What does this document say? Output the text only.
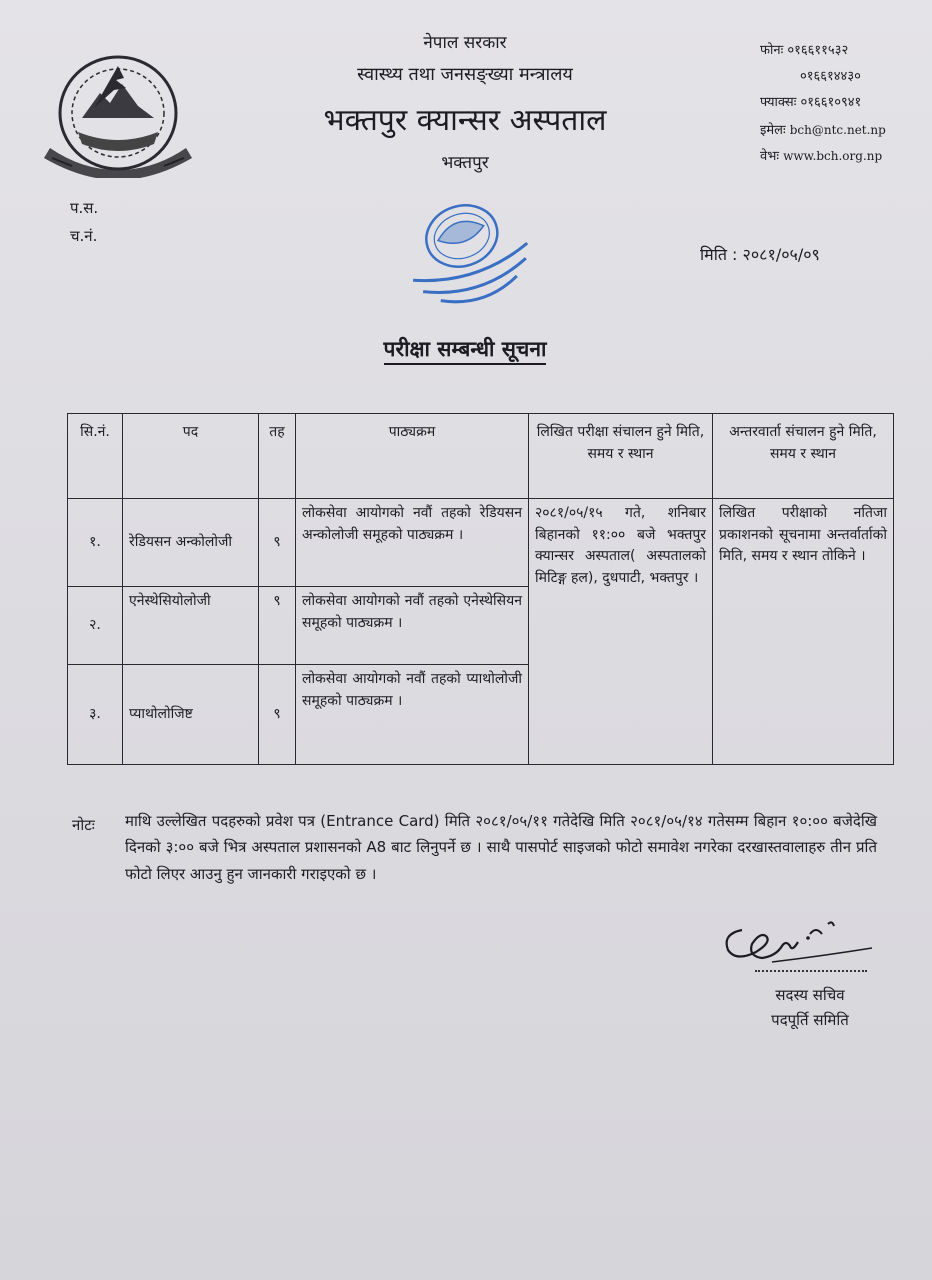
नेपाल सरकार
स्वास्थ्य तथा जनसङ्ख्या मन्त्रालय
भक्तपुर क्यान्सर अस्पताल
भक्तपुर
फोनः ०१६६११५३२
०१६६१४४३०
फ्याक्सः ०१६६१०९४१
इमेलः bch@ntc.net.np
वेभः www.bch.org.np
प.स.
च.नं.
मिति : २०८१/०५/०९
परीक्षा सम्बन्धी सूचना
सि.नं.	पद	तह	पाठ्यक्रम	लिखित परीक्षा संचालन हुने मिति, समय र स्थान	अन्तरवार्ता संचालन हुने मिति, समय र स्थान
१.	रेडियसन अन्कोलोजी	९	लोकसेवा आयोगको नवौं तहको रेडियसन अन्कोलोजी समूहको पाठ्यक्रम ।	२०८१/०५/१५ गते, शनिबार बिहानको ११:०० बजे भक्तपुर क्यान्सर अस्पताल( अस्पतालको मिटिङ्ग हल), दुधपाटी, भक्तपुर ।	लिखित परीक्षाको नतिजा प्रकाशनको सूचनामा अन्तर्वार्ताको मिति, समय र स्थान तोकिने ।
२.	एनेस्थेसियोलोजी	९	लोकसेवा आयोगको नवौं तहको एनेस्थेसियन समूहको पाठ्यक्रम ।		
३.	प्याथोलोजिष्ट	९	लोकसेवा आयोगको नवौं तहको प्याथोलोजी समूहको पाठ्यक्रम ।		
नोटः माथि उल्लेखित पदहरुको प्रवेश पत्र (Entrance Card) मिति २०८१/०५/११ गतेदेखि मिति २०८१/०५/१४ गतेसम्म बिहान १०:०० बजेदेखि दिनको ३:०० बजे भित्र अस्पताल प्रशासनको A8 बाट लिनुपर्ने छ । साथै पासपोर्ट साइजको फोटो समावेश नगरेका दरखास्तवालाहरु तीन प्रति फोटो लिएर आउनु हुन जानकारी गराइएको छ ।
सदस्य सचिव
पदपूर्ति समिति
